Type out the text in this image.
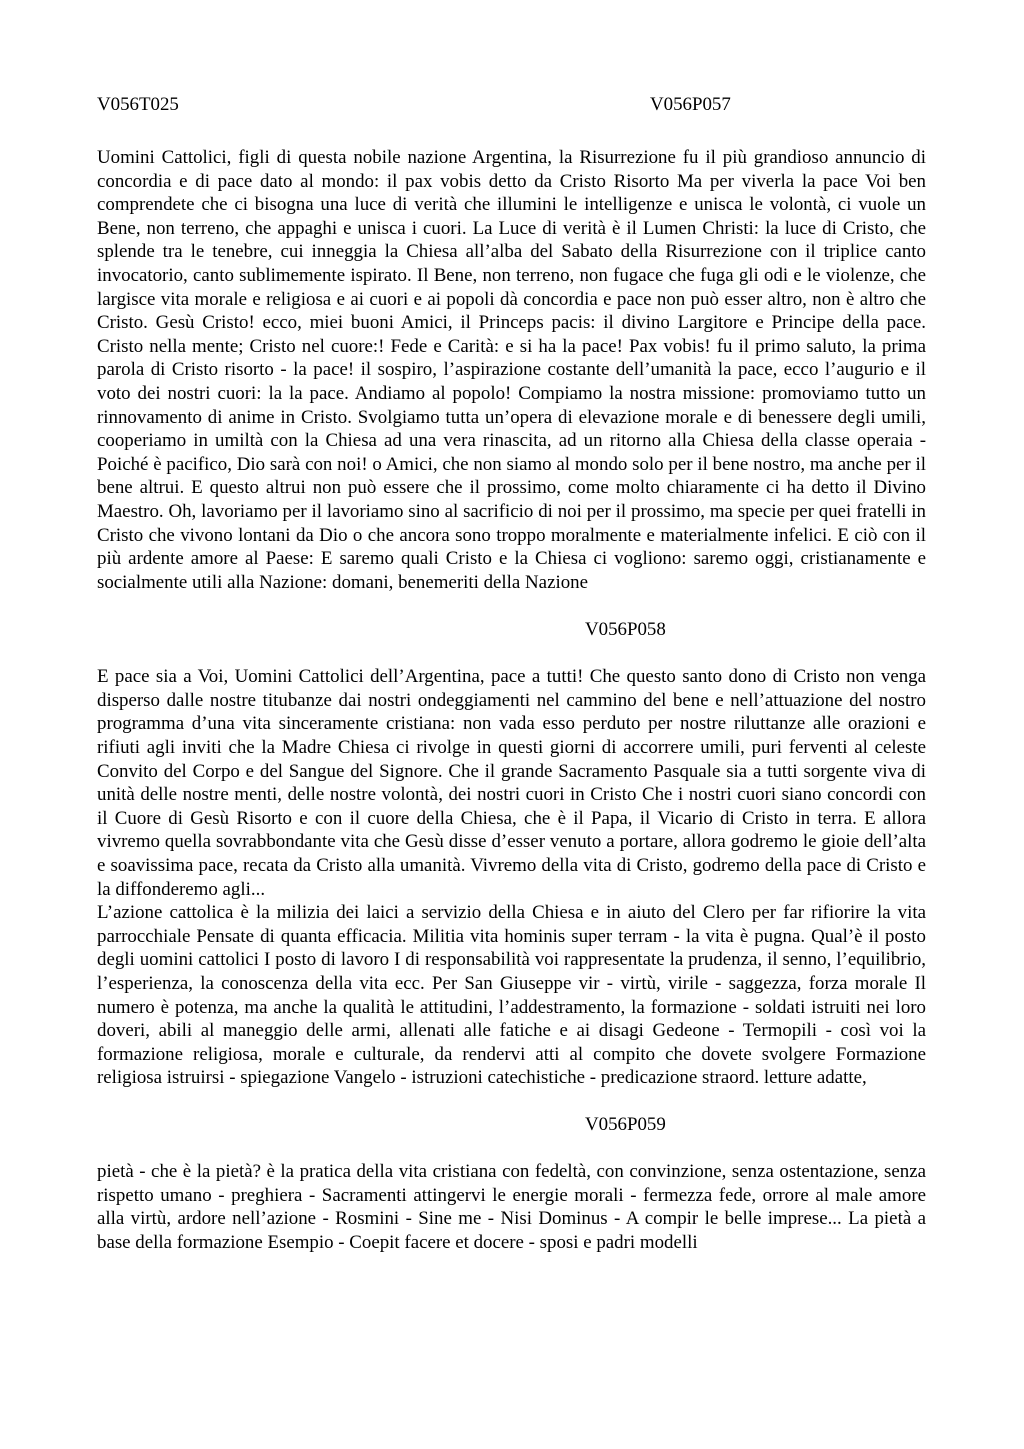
V056T025	V056P057

Uomini Cattolici, figli di questa nobile nazione Argentina, la Risurrezione fu il più grandioso annuncio di concordia e di pace dato al mondo: il pax vobis detto da Cristo Risorto Ma per viverla la pace Voi ben comprendete che ci bisogna una luce di verità che illumini le intelligenze e unisca le volontà, ci vuole un Bene, non terreno, che appaghi e unisca i cuori. La Luce di verità è il Lumen Christi: la luce di Cristo, che splende tra le tenebre, cui inneggia la Chiesa all’alba del Sabato della Risurrezione con il triplice canto invocatorio, canto sublimemente ispirato. Il Bene, non terreno, non fugace che fuga gli odi e le violenze, che largisce vita morale e religiosa e ai cuori e ai popoli dà concordia e pace non può esser altro, non è altro che Cristo. Gesù Cristo! ecco, miei buoni Amici, il Princeps pacis: il divino Largitore e Principe della pace. Cristo nella mente; Cristo nel cuore:! Fede e Carità: e si ha la pace! Pax vobis! fu il primo saluto, la prima parola di Cristo risorto - la pace! il sospiro, l’aspirazione costante dell’umanità la pace, ecco l’augurio e il voto dei nostri cuori: la la pace. Andiamo al popolo! Compiamo la nostra missione: promoviamo tutto un rinnovamento di anime in Cristo. Svolgiamo tutta un’opera di elevazione morale e di benessere degli umili, cooperiamo in umiltà con la Chiesa ad una vera rinascita, ad un ritorno alla Chiesa della classe operaia - Poiché è pacifico, Dio sarà con noi! o Amici, che non siamo al mondo solo per il bene nostro, ma anche per il bene altrui. E questo altrui non può essere che il prossimo, come molto chiaramente ci ha detto il Divino Maestro. Oh, lavoriamo per il lavoriamo sino al sacrificio di noi per il prossimo, ma specie per quei fratelli in Cristo che vivono lontani da Dio o che ancora sono troppo moralmente e materialmente infelici. E ciò con il più ardente amore al Paese: E saremo quali Cristo e la Chiesa ci vogliono: saremo oggi, cristianamente e socialmente utili alla Nazione: domani, benemeriti della Nazione

V056P058

E pace sia a Voi, Uomini Cattolici dell’Argentina, pace a tutti! Che questo santo dono di Cristo non venga disperso dalle nostre titubanze dai nostri ondeggiamenti nel cammino del bene e nell’attuazione del nostro programma d’una vita sinceramente cristiana: non vada esso perduto per nostre riluttanze alle orazioni e rifiuti agli inviti che la Madre Chiesa ci rivolge in questi giorni di accorrere umili, puri ferventi al celeste Convito del Corpo e del Sangue del Signore. Che il grande Sacramento Pasquale sia a tutti sorgente viva di unità delle nostre menti, delle nostre volontà, dei nostri cuori in Cristo Che i nostri cuori siano concordi con il Cuore di Gesù Risorto e con il cuore della Chiesa, che è il Papa, il Vicario di Cristo in terra. E allora vivremo quella sovrabbondante vita che Gesù disse d’esser venuto a portare, allora godremo le gioie dell’alta e soavissima pace, recata da Cristo alla umanità. Vivremo della vita di Cristo, godremo della pace di Cristo e la diffonderemo agli...

L’azione cattolica è la milizia dei laici a servizio della Chiesa e in aiuto del Clero per far rifiorire la vita parrocchiale Pensate di quanta efficacia. Militia vita hominis super terram - la vita è pugna. Qual’è il posto degli uomini cattolici I posto di lavoro I di responsabilità voi rappresentate la prudenza, il senno, l’equilibrio, l’esperienza, la conoscenza della vita ecc. Per San Giuseppe vir - virtù, virile - saggezza, forza morale Il numero è potenza, ma anche la qualità le attitudini, l’addestramento, la formazione - soldati istruiti nei loro doveri, abili al maneggio delle armi, allenati alle fatiche e ai disagi Gedeone - Termopili - così voi la formazione religiosa, morale e culturale, da rendervi atti al compito che dovete svolgere Formazione religiosa istruirsi - spiegazione Vangelo - istruzioni catechistiche - predicazione straord. letture adatte,

V056P059

pietà - che è la pietà? è la pratica della vita cristiana con fedeltà, con convinzione, senza ostentazione, senza rispetto umano - preghiera - Sacramenti attingervi le energie morali - fermezza fede, orrore al male amore alla virtù, ardore nell’azione - Rosmini - Sine me - Nisi Dominus - A compir le belle imprese... La pietà a base della formazione Esempio - Coepit facere et docere - sposi e padri modelli
